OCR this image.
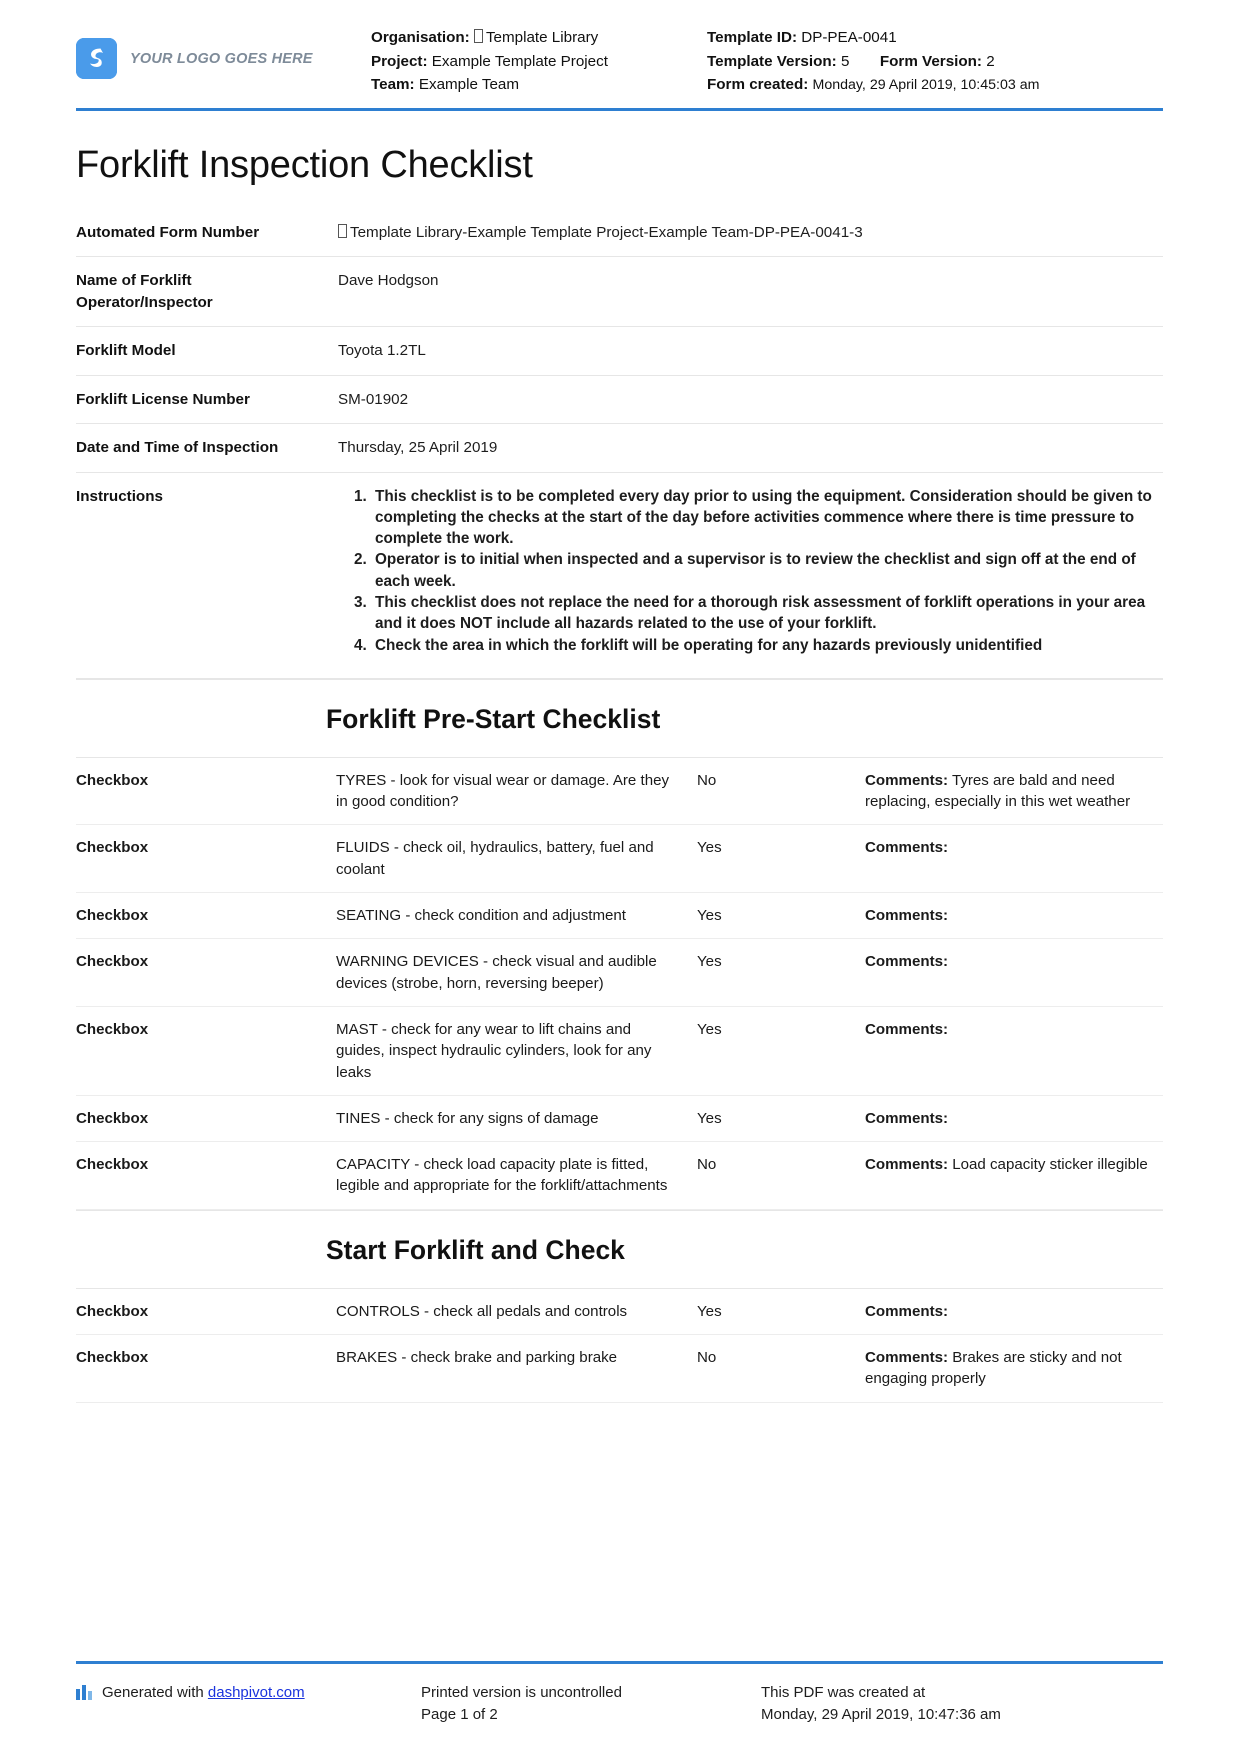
YOUR LOGO GOES HERE
Organisation: Template Library
Project: Example Template Project
Team: Example Team
Template ID: DP-PEA-0041
Template Version: 5 Form Version: 2
Form created: Monday, 29 April 2019, 10:45:03 am
Forklift Inspection Checklist
Automated Form Number	Template Library-Example Template Project-Example Team-DP-PEA-0041-3
Name of Forklift Operator/Inspector	Dave Hodgson
Forklift Model	Toyota 1.2TL
Forklift License Number	SM-01902
Date and Time of Inspection	Thursday, 25 April 2019
Instructions	
1.This checklist is to be completed every day prior to using the equipment. Consideration should be given to completing the checks at the start of the day before activities commence where there is time pressure to complete the work.
2. Operator is to initial when inspected and a supervisor is to review the checklist and sign off at the end of each week.
3. This checklist does not replace the need for a thorough risk assessment of forklift operations in your area and it does NOT include all hazards related to the use of your forklift.
4. Check the area in which the forklift will be operating for any hazards previously unidentified
Forklift Pre-Start Checklist
Checkbox	TYRES - look for visual wear or damage. Are they in good condition?	No	Comments: Tyres are bald and need replacing, especially in this wet weather
Checkbox	FLUIDS - check oil, hydraulics, battery, fuel and coolant	Yes	Comments:
Checkbox	SEATING - check condition and adjustment	Yes	Comments:
Checkbox	WARNING DEVICES - check visual and audible devices (strobe, horn, reversing beeper)	Yes	Comments:
Checkbox	MAST - check for any wear to lift chains and guides, inspect hydraulic cylinders, look for any leaks	Yes	Comments:
Checkbox	TINES - check for any signs of damage	Yes	Comments:
Checkbox	CAPACITY - check load capacity plate is fitted, legible and appropriate for the forklift/attachments	No	Comments: Load capacity sticker illegible
Start Forklift and Check
Checkbox	CONTROLS - check all pedals and controls	Yes	Comments:
Checkbox	BRAKES - check brake and parking brake	No	Comments: Brakes are sticky and not engaging properly
Generated with dashpivot.com	Printed version is uncontrolled
Page 1 of 2
This PDF was created at
Monday, 29 April 2019, 10:47:36 am
